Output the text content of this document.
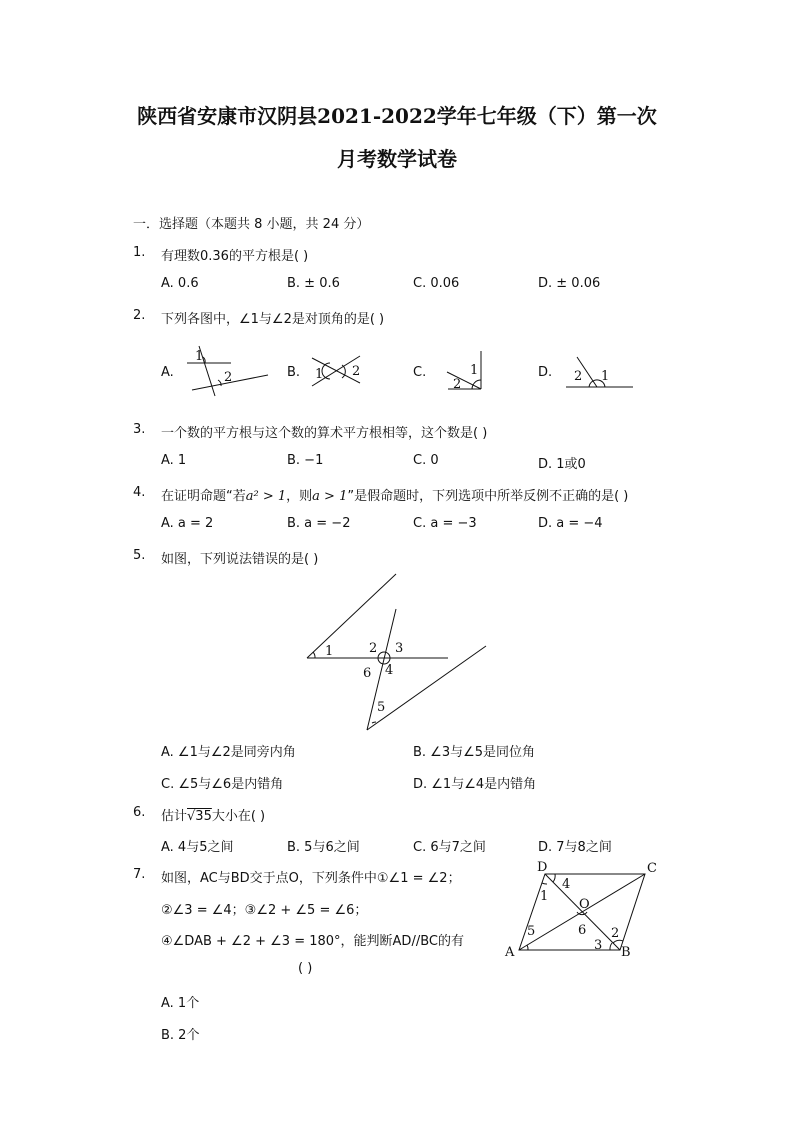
陕西省安康市汉阴县2021-2022学年七年级（下）第一次
月考数学试卷
一．选择题（本题共 8 小题，共 24 分）
1. 有理数0.36的平方根是( )
A. 0.6	B. ± 0.6	C. 0.06	D. ± 0.06
2. 下列各图中，∠1与∠2是对顶角的是( )
A.	B.	C.	D.
1
2	1 2	1
2
2 1
3. 一个数的平方根与这个数的算术平方根相等，这个数是( )
A. 1	B. −1	C. 0	D. 1或0
4. 在证明命题“若a² > 1，则a > 1”是假命题时，下列选项中所举反例不正确的是( )
A. a = 2	B. a = −2	C. a = −3	D. a = −4
5. 如图，下列说法错误的是( )
1	2 3
4
5
6
A. ∠1与∠2是同旁内角	B. ∠3与∠5是同位角
C. ∠5与∠6是内错角	D. ∠1与∠4是内错角
6. 估计√35大小在( )
A. 4与5之间	B. 5与6之间	C. 6与7之间	D. 7与8之间
7. 如图，AC与BD交于点O，下列条件中①∠1 = ∠2；
②∠3 = ∠4；③∠2 + ∠5 = ∠6；
④∠DAB + ∠2 + ∠3 = 180°，能判断AD//BC的有
( )
A. 1个
B. 2个
D	C
O
A	B
1
2
3
4
5	6
